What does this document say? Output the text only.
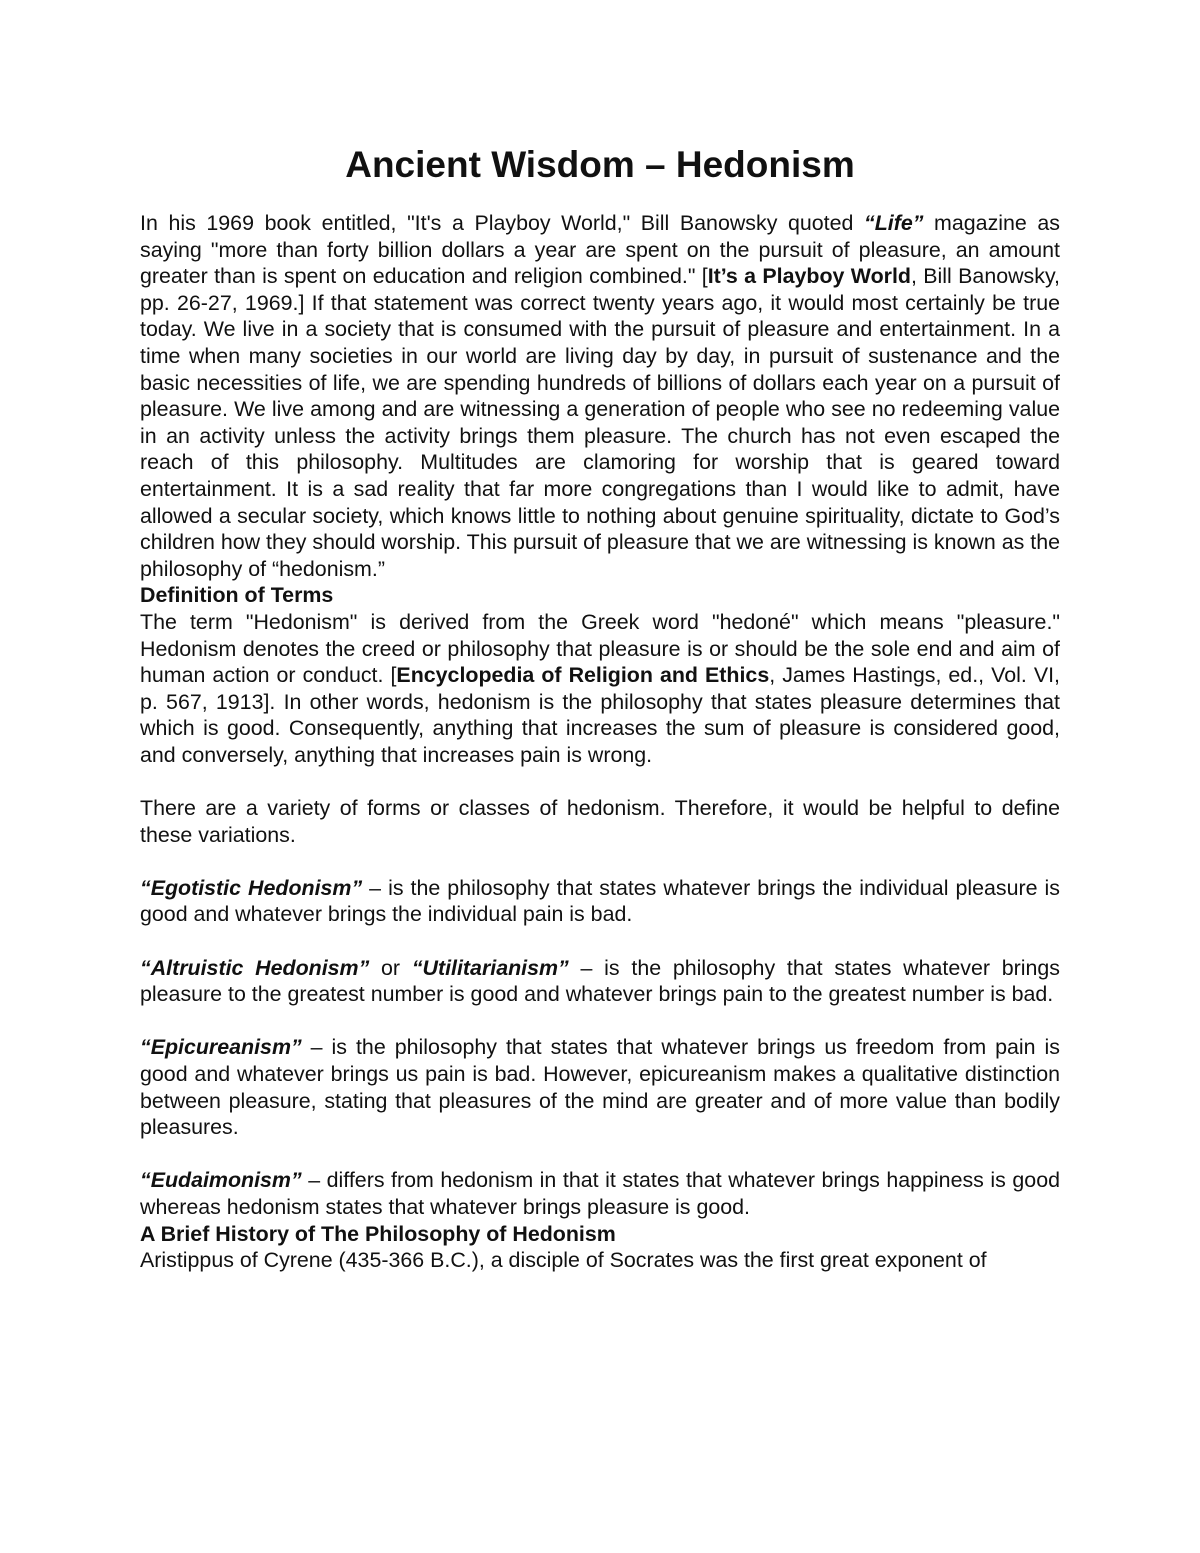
Ancient Wisdom – Hedonism

In his 1969 book entitled, "It's a Playboy World," Bill Banowsky quoted “Life” magazine as saying "more than forty billion dollars a year are spent on the pursuit of pleasure, an amount greater than is spent on education and religion combined." [It’s a Playboy World, Bill Banowsky, pp. 26-27, 1969.] If that statement was correct twenty years ago, it would most certainly be true today. We live in a society that is consumed with the pursuit of pleasure and entertainment. In a time when many societies in our world are living day by day, in pursuit of sustenance and the basic necessities of life, we are spending hundreds of billions of dollars each year on a pursuit of pleasure. We live among and are witnessing a generation of people who see no redeeming value in an activity unless the activity brings them pleasure. The church has not even escaped the reach of this philosophy. Multitudes are clamoring for worship that is geared toward entertainment. It is a sad reality that far more congregations than I would like to admit, have allowed a secular society, which knows little to nothing about genuine spirituality, dictate to God’s children how they should worship. This pursuit of pleasure that we are witnessing is known as the philosophy of “hedonism.”

Definition of Terms

The term "Hedonism" is derived from the Greek word "hedoné" which means "pleasure." Hedonism denotes the creed or philosophy that pleasure is or should be the sole end and aim of human action or conduct. [Encyclopedia of Religion and Ethics, James Hastings, ed., Vol. VI, p. 567, 1913]. In other words, hedonism is the philosophy that states pleasure determines that which is good. Consequently, anything that increases the sum of pleasure is considered good, and conversely, anything that increases pain is wrong.

There are a variety of forms or classes of hedonism. Therefore, it would be helpful to define these variations.

“Egotistic Hedonism” – is the philosophy that states whatever brings the individual pleasure is good and whatever brings the individual pain is bad.

“Altruistic Hedonism” or “Utilitarianism” – is the philosophy that states whatever brings pleasure to the greatest number is good and whatever brings pain to the greatest number is bad.

“Epicureanism” – is the philosophy that states that whatever brings us freedom from pain is good and whatever brings us pain is bad. However, epicureanism makes a qualitative distinction between pleasure, stating that pleasures of the mind are greater and of more value than bodily pleasures.

“Eudaimonism” – differs from hedonism in that it states that whatever brings happiness is good whereas hedonism states that whatever brings pleasure is good.

A Brief History of The Philosophy of Hedonism

Aristippus of Cyrene (435-366 B.C.), a disciple of Socrates was the first great exponent of
